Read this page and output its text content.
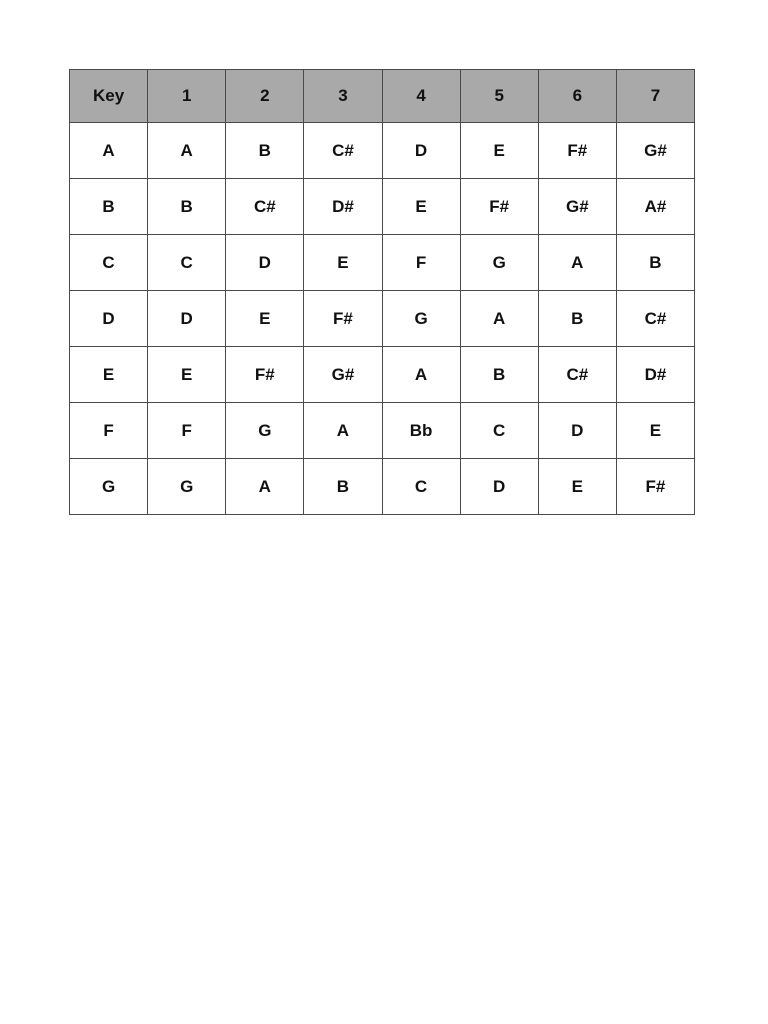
Key	1	2	3	4	5	6	7
A	A	B	C#	D	E	F#	G#
B	B	C#	D#	E	F#	G#	A#
C	C	D	E	F	G	A	B
D	D	E	F#	G	A	B	C#
E	E	F#	G#	A	B	C#	D#
F	F	G	A	Bb	C	D	E
G	G	A	B	C	D	E	F#
